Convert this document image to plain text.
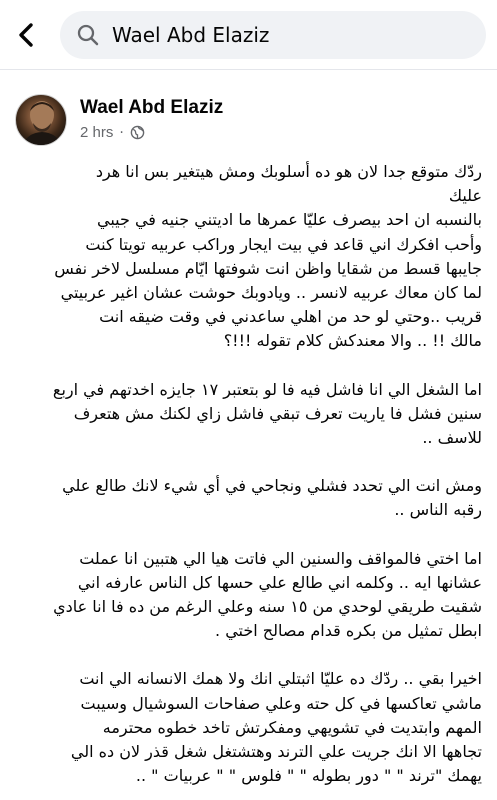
Wael Abd Elaziz
Wael Abd Elaziz
2 hrs ·

ردّك متوقع جدا لان هو ده أسلوبك ومش هيتغير بس انا هرد
عليك
بالنسبه ان احد بيصرف عليّا عمرها ما اديتني جنيه في جيبي
وأحب افكرك اني قاعد في بيت ايجار وراكب عربيه تويتا كنت
جايبها قسط من شقايا واظن انت شوفتها ايّام مسلسل لاخر نفس
لما كان معاك عربيه لانسر .. ويادوبك حوشت عشان اغير عربيتي
قريب ..وحتي لو حد من اهلي ساعدني في وقت ضيقه انت
مالك !! .. والا معندكش كلام تقوله !!!؟

اما الشغل الي انا فاشل فيه فا لو بتعتبر ١٧ جايزه اخدتهم في اربع
سنين فشل فا ياريت تعرف تبقي فاشل زاي لكنك مش هتعرف
للاسف ..

ومش انت الي تحدد فشلي ونجاحي في أي شيء لانك طالع علي
رقبه الناس ..

اما اختي فالمواقف والسنين الي فاتت هيا الي هتبين انا عملت
عشانها ايه .. وكلمه اني طالع علي حسها كل الناس عارفه اني
شقيت طريقي لوحدي من ١٥ سنه وعلي الرغم من ده فا انا عادي
ابطل تمثيل من بكره قدام مصالح اختي .

اخيرا بقي .. ردّك ده عليّا اثبتلي انك ولا همك الانسانه الي انت
ماشي تعاكسها في كل حته وعلي صفاحات السوشيال وسيبت
المهم وابتديت في تشويهي ومفكرتش تاخد خطوه محترمه
تجاهها الا انك جريت علي الترند وهتشتغل شغل قذر لان ده الي
يهمك "ترند " " دور بطوله " " فلوس " " عربيات " ..
